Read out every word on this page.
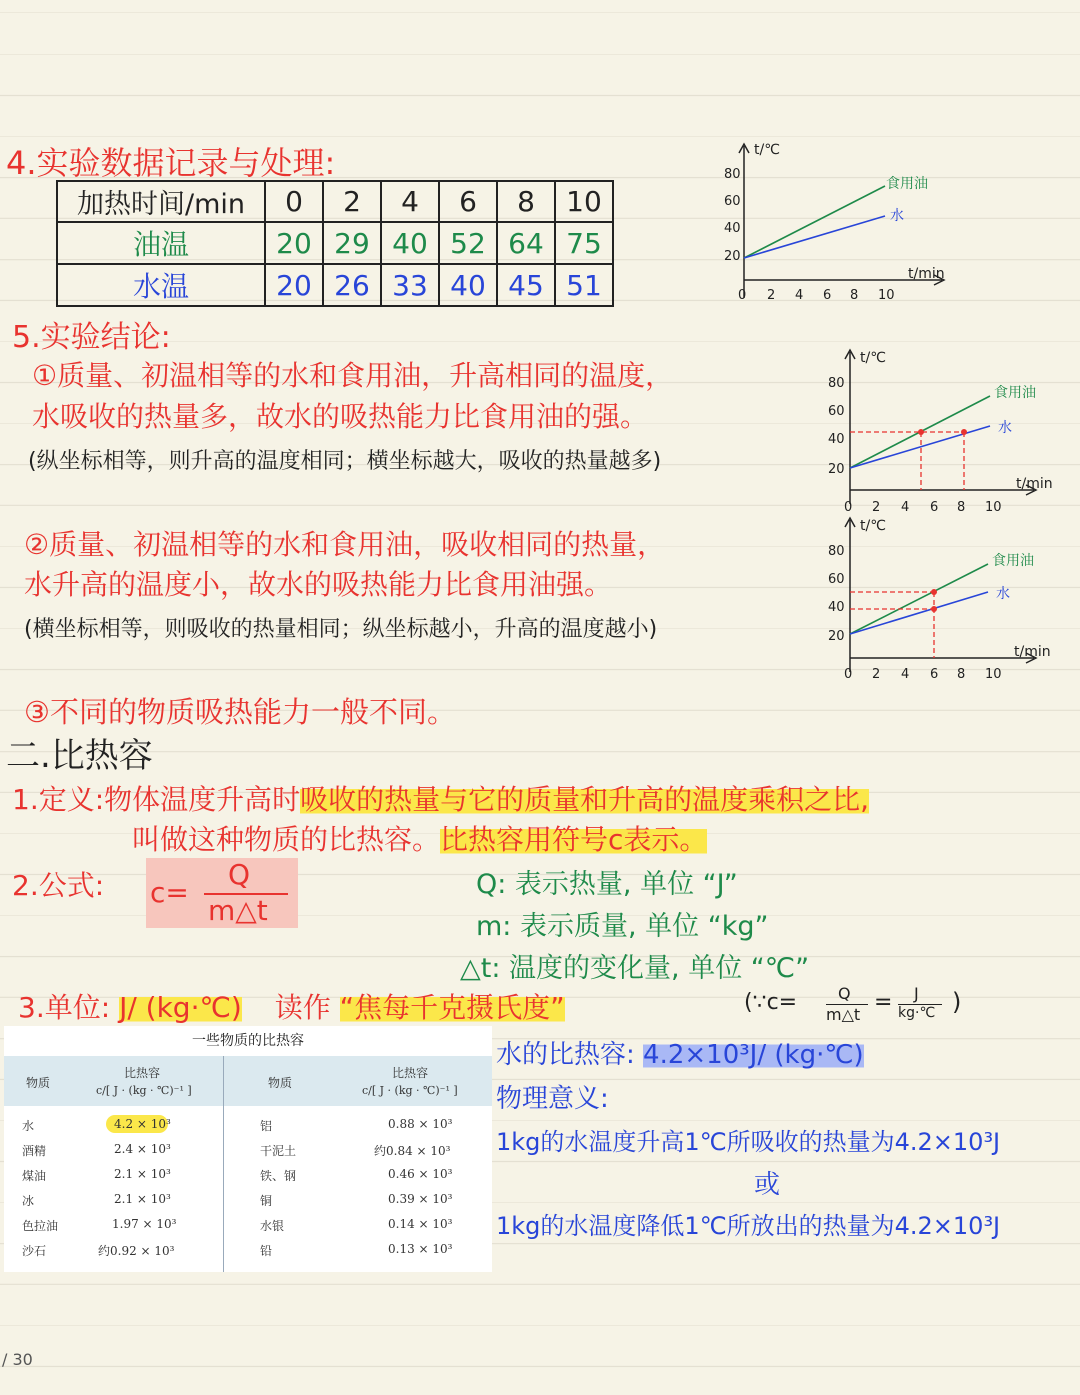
4.实验数据记录与处理:
加热时间/min	0	2	4	6	8	10
油温	20	29	40	52	64	75
水温	20	26	33	40	45	51
t/℃
t/min
80
60
40
20
0 2 4 6 8 10
食用油
水
5.实验结论:
①质量、初温相等的水和食用油，升高相同的温度，
水吸收的热量多，故水的吸热能力比食用油的强。
(纵坐标相等，则升高的温度相同；横坐标越大，吸收的热量越多)
t/℃
t/min
80
60
40
20
0 2 4 6 8 10
食用油
水
②质量、初温相等的水和食用油，吸收相同的热量，
水升高的温度小，故水的吸热能力比食用油强。
(横坐标相等，则吸收的热量相同；纵坐标越小，升高的温度越小)
t/℃
t/min
80
60
40
20
0 2 4 6 8 10
食用油
水
③不同的物质吸热能力一般不同。
二.比热容
1.定义:物体温度升高时吸收的热量与它的质量和升高的温度乘积之比,
叫做这种物质的比热容。比热容用符号c表示。
2.公式: c=
Q
m△t
Q: 表示热量, 单位 “J”
m: 表示质量, 单位 “kg”
△t: 温度的变化量, 单位 “℃”
3.单位: J/ (kg·℃) 读作 “焦每千克摄氏度”	(∵c=	Q
m△t = J
kg·℃ )
一些物质的比热容
物质
比热容
c/[ J · (kg · ℃)⁻¹ ]
物质
比热容
c/[ J · (kg · ℃)⁻¹ ]
水	4.2 × 10³
酒精	2.4 × 10³
煤油	2.1 × 10³
冰	2.1 × 10³
色拉油	1.97 × 10³
沙石	约0.92 × 10³
铝	0.88 × 10³
干泥土	约0.84 × 10³
铁、钢	0.46 × 10³
铜	0.39 × 10³
水银	0.14 × 10³
铅	0.13 × 10³
水的比热容: 4.2×10³J/ (kg·℃)
物理意义:
1kg的水温度升高1℃所吸收的热量为4.2×10³J
或
1kg的水温度降低1℃所放出的热量为4.2×10³J
/ 30
